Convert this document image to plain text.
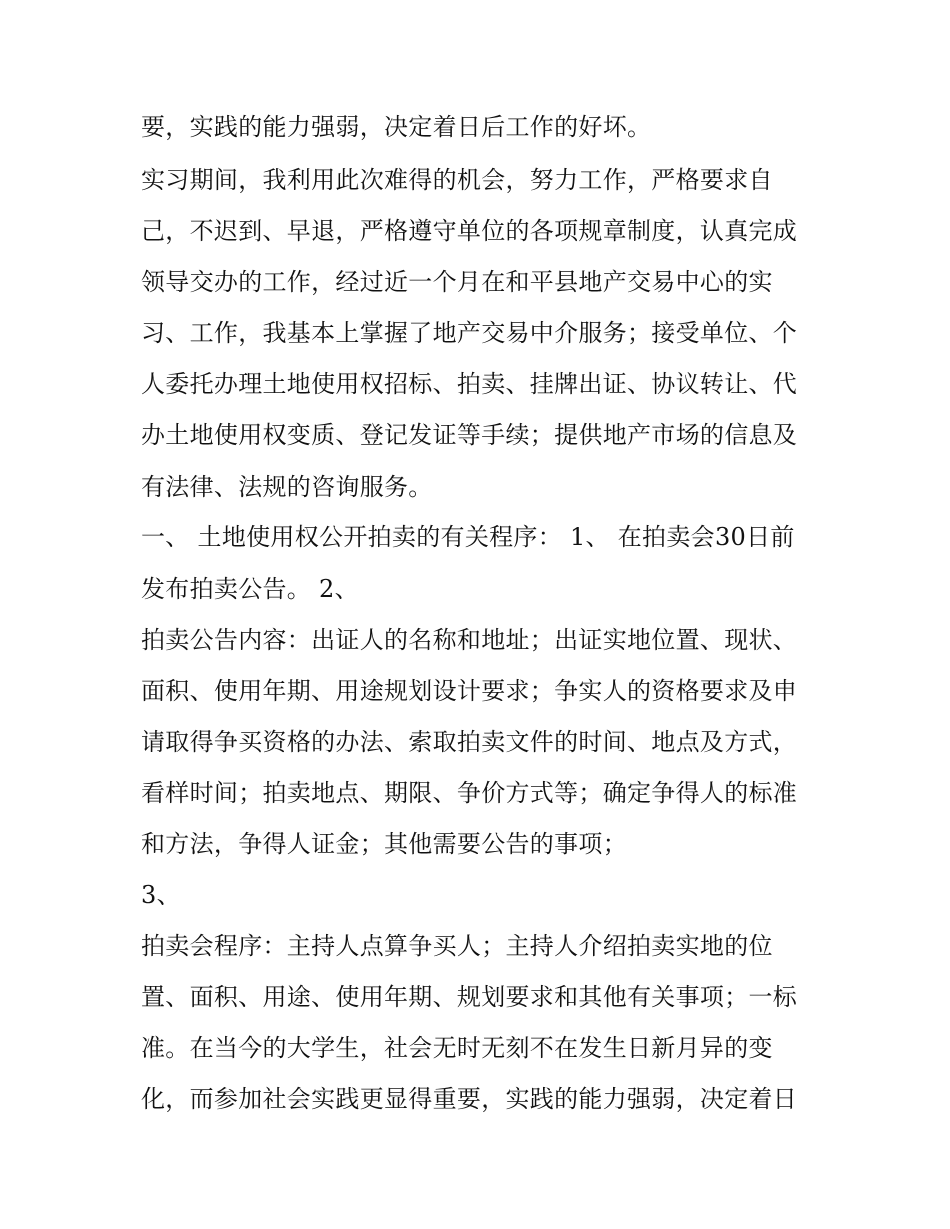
要，实践的能力强弱，决定着日后工作的好坏。
实习期间，我利用此次难得的机会，努力工作，严格要求自
己，不迟到、早退，严格遵守单位的各项规章制度，认真完成
领导交办的工作，经过近一个月在和平县地产交易中心的实
习、工作，我基本上掌握了地产交易中介服务；接受单位、个
人委托办理土地使用权招标、拍卖、挂牌出证、协议转让、代
办土地使用权变质、登记发证等手续；提供地产市场的信息及
有法律、法规的咨询服务。
一、 土地使用权公开拍卖的有关程序： 1、 在拍卖会30日前
发布拍卖公告。 2、
拍卖公告内容：出证人的名称和地址；出证实地位置、现状、
面积、使用年期、用途规划设计要求；争实人的资格要求及申
请取得争买资格的办法、索取拍卖文件的时间、地点及方式，
看样时间；拍卖地点、期限、争价方式等；确定争得人的标准
和方法，争得人证金；其他需要公告的事项；
3、
拍卖会程序：主持人点算争买人；主持人介绍拍卖实地的位
置、面积、用途、使用年期、规划要求和其他有关事项；一标
准。在当今的大学生，社会无时无刻不在发生日新月异的变
化，而参加社会实践更显得重要，实践的能力强弱，决定着日
